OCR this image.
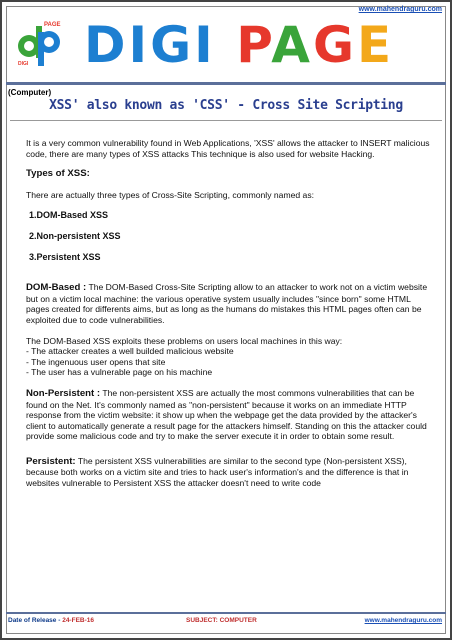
www.mahendraguru.com
PAGE
DIGI DIGI PAGE
(Computer)
XSS' also known as 'CSS' - Cross Site Scripting

It is a very common vulnerability found in Web Applications, 'XSS' allows the attacker to INSERT malicious code, there are many types of XSS attacks This technique is also used for website Hacking.

Types of XSS:

There are actually three types of Cross-Site Scripting, commonly named as:

1.DOM-Based XSS
2.Non-persistent XSS
3.Persistent XSS

DOM-Based : The DOM-Based Cross-Site Scripting allow to an attacker to work not on a victim website but on a victim local machine: the various operative system usually includes "since born" some HTML pages created for differents aims, but as long as the humans do mistakes this HTML pages often can be exploited due to code vulnerabilities.

The DOM-Based XSS exploits these problems on users local machines in this way:

- The attacker creates a well builded malicious website

- The ingenuous user opens that site

- The user has a vulnerable page on his machine

Non-Persistent : The non-persistent XSS are actually the most commons vulnerabilities that can be found on the Net. It's commonly named as "non-persistent" because it works on an immediate HTTP response from the victim website: it show up when the webpage get the data provided by the attacker's client to automatically generate a result page for the attackers himself. Standing on this the attacker could provide some malicious code and try to make the server execute it in order to obtain some result.

Persistent: The persistent XSS vulnerabilities are similar to the second type (Non-persistent XSS), because both works on a victim site and tries to hack user's information's and the difference is that in websites vulnerable to Persistent XSS the attacker doesn't need to write code

Date of Release - 24-FEB-16	SUBJECT: COMPUTER	www.mahendraguru.com
